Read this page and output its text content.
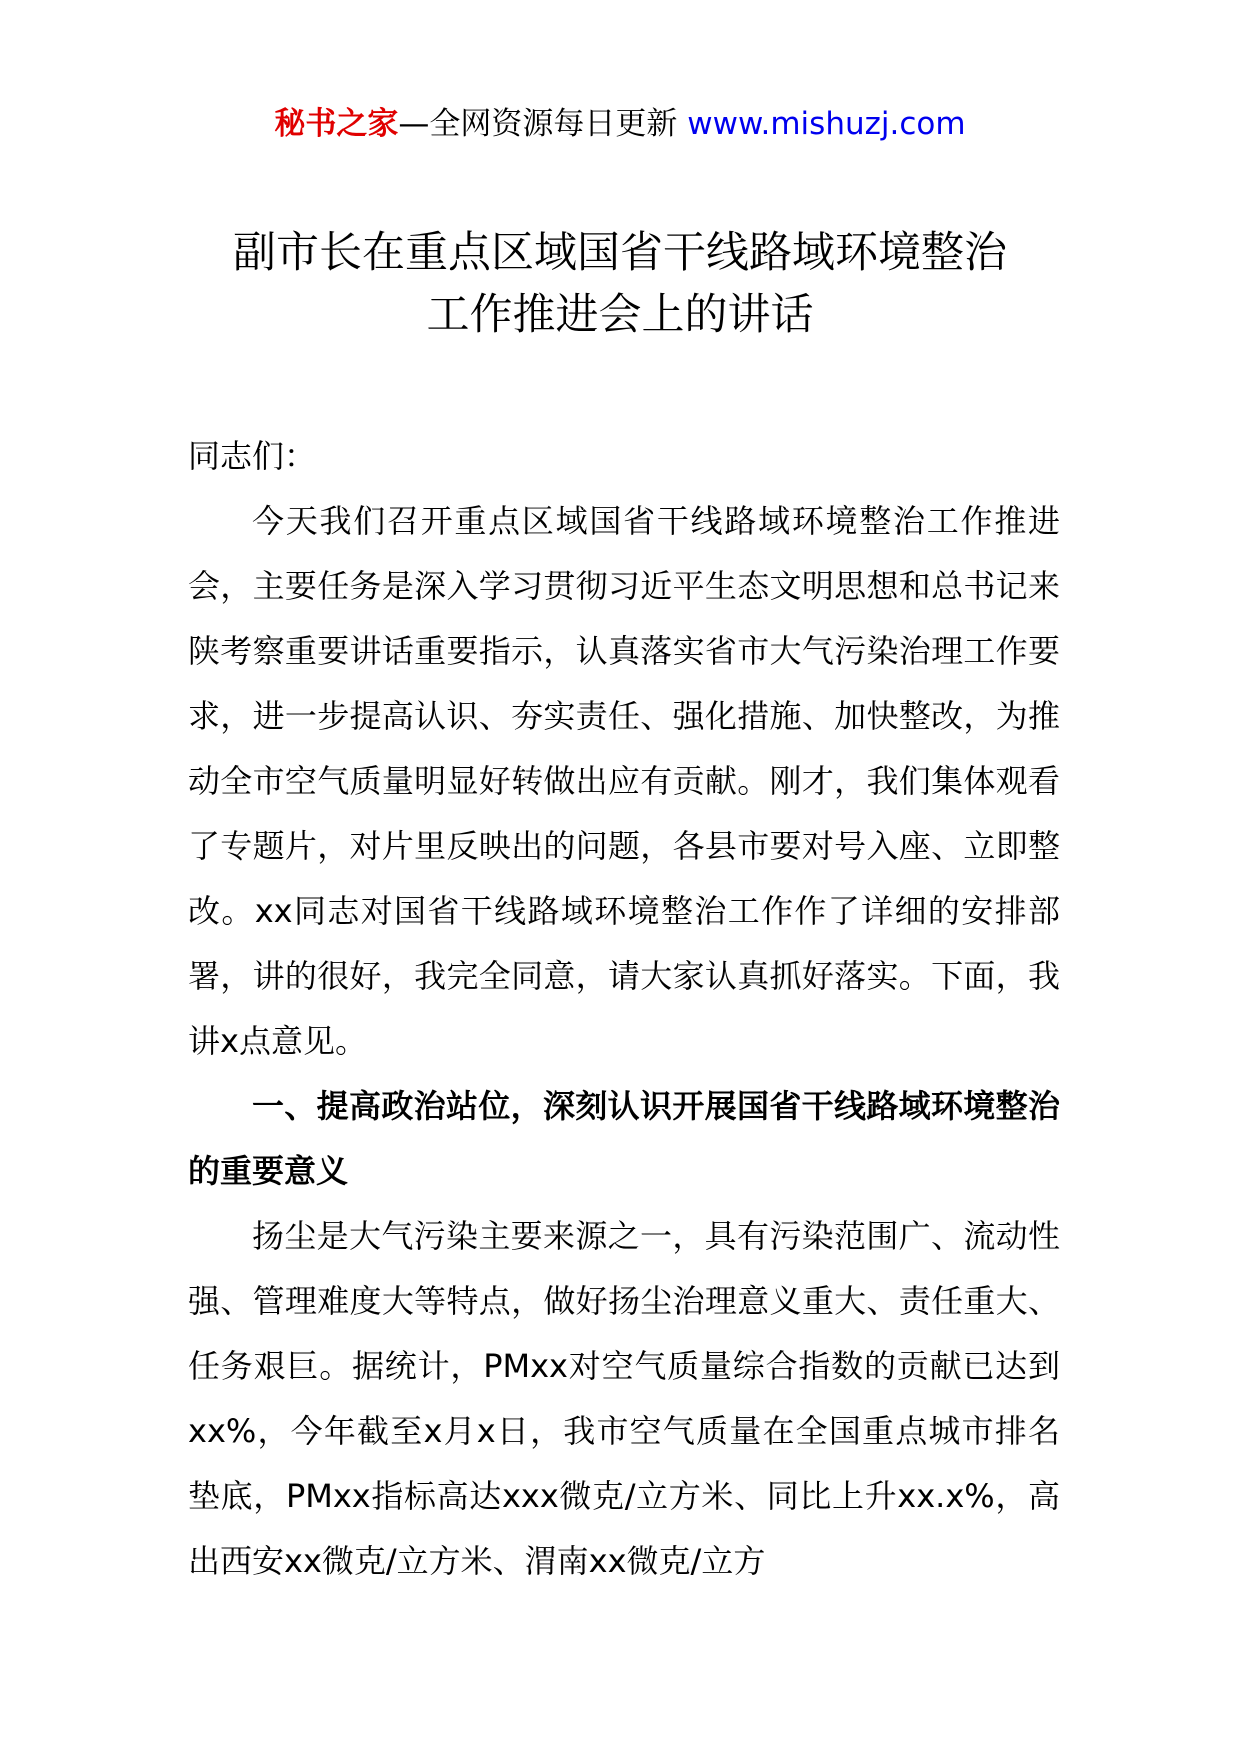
秘书之家—全网资源每日更新 www.mishuzj.com
副市长在重点区域国省干线路域环境整治
工作推进会上的讲话

同志们：

今天我们召开重点区域国省干线路域环境整治工作推进会，主要任务是深入学习贯彻习近平生态文明思想和总书记来陕考察重要讲话重要指示，认真落实省市大气污染治理工作要求，进一步提高认识、夯实责任、强化措施、加快整改，为推动全市空气质量明显好转做出应有贡献。刚才，我们集体观看了专题片，对片里反映出的问题，各县市要对号入座、立即整改。xx同志对国省干线路域环境整治工作作了详细的安排部署，讲的很好，我完全同意，请大家认真抓好落实。下面，我讲x点意见。

一、提高政治站位，深刻认识开展国省干线路域环境整治的重要意义

扬尘是大气污染主要来源之一，具有污染范围广、流动性强、管理难度大等特点，做好扬尘治理意义重大、责任重大、任务艰巨。据统计，PMxx对空气质量综合指数的贡献已达到xx%，今年截至x月x日，我市空气质量在全国重点城市排名垫底，PMxx指标高达xxx微克/立方米、同比上升xx.x%，高出西安xx微克/立方米、渭南xx微克/立方
